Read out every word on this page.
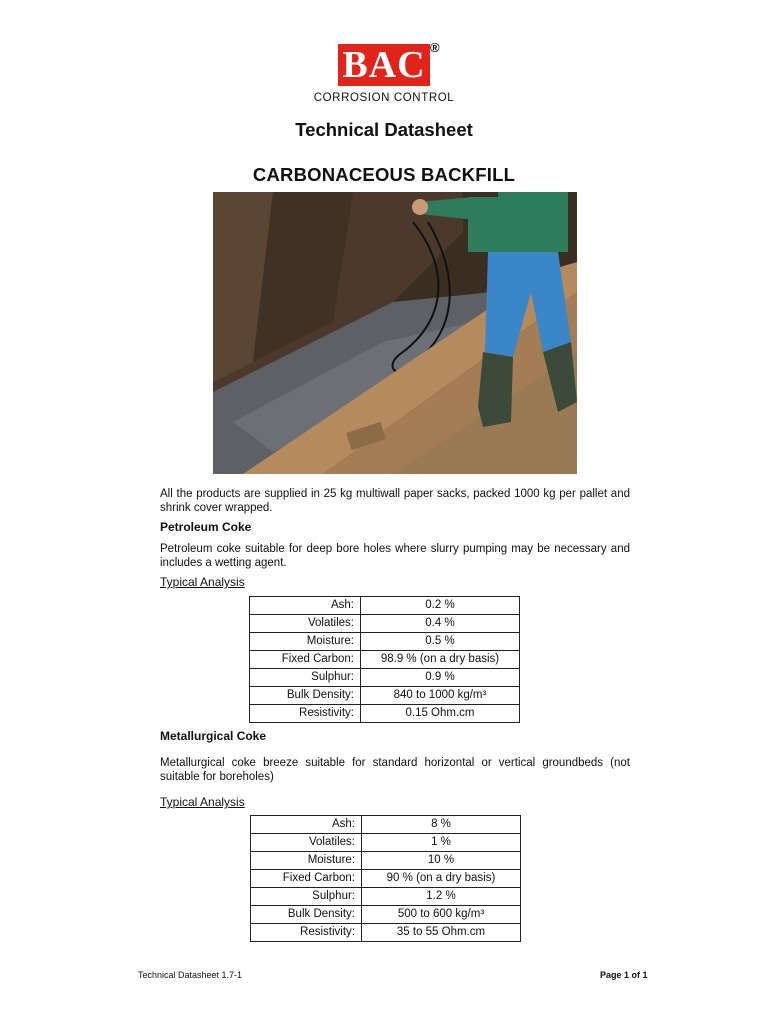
BAC ®
CORROSION CONTROL
Technical Datasheet
CARBONACEOUS BACKFILL
All the products are supplied in 25 kg multiwall paper sacks, packed 1000 kg per pallet and shrink cover wrapped.
Petroleum Coke
Petroleum coke suitable for deep bore holes where slurry pumping may be necessary and includes a wetting agent.
Typical Analysis
Ash:	0.2 %
Volatiles:	0.4 %
Moisture:	0.5 %
Fixed Carbon:	98.9 % (on a dry basis)
Sulphur:	0.9 %
Bulk Density:	840 to 1000 kg/m³
Resistivity:	0.15 Ohm.cm
Metallurgical Coke
Metallurgical coke breeze suitable for standard horizontal or vertical groundbeds (not suitable for boreholes)
Typical Analysis
Ash:	8 %
Volatiles:	1 %
Moisture:	10 %
Fixed Carbon:	90 % (on a dry basis)
Sulphur:	1.2 %
Bulk Density:	500 to 600 kg/m³
Resistivity:	35 to 55 Ohm.cm
Technical Datasheet 1.7-1	Page 1 of 1
